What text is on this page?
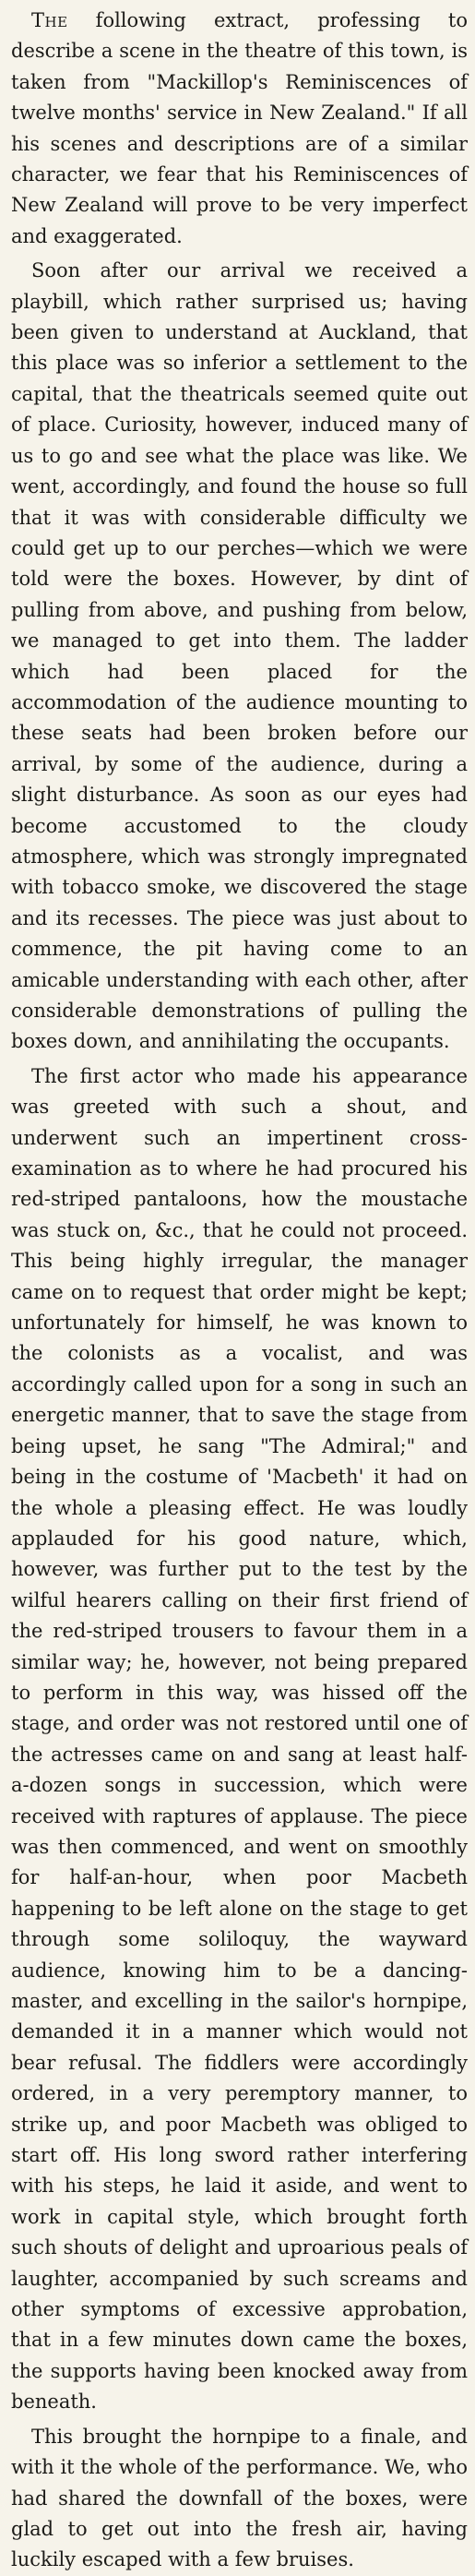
The following extract, professing to describe a scene in the theatre of this town, is taken from "Mackillop's Reminiscences of twelve months' service in New Zealand." If all his scenes and descriptions are of a similar character, we fear that his Reminiscences of New Zealand will prove to be very imperfect and exaggerated.

Soon after our arrival we received a playbill, which rather surprised us; having been given to understand at Auckland, that this place was so inferior a settlement to the capital, that the theatricals seemed quite out of place. Curiosity, however, induced many of us to go and see what the place was like. We went, accordingly, and found the house so full that it was with considerable difficulty we could get up to our perches—which we were told were the boxes. However, by dint of pulling from above, and pushing from below, we managed to get into them. The ladder which had been placed for the accommodation of the audience mounting to these seats had been broken before our arrival, by some of the audience, during a slight disturbance. As soon as our eyes had become accustomed to the cloudy atmosphere, which was strongly impregnated with tobacco smoke, we discovered the stage and its recesses. The piece was just about to commence, the pit having come to an amicable understanding with each other, after considerable demonstrations of pulling the boxes down, and annihilating the occupants.

The first actor who made his appearance was greeted with such a shout, and underwent such an impertinent cross-examination as to where he had procured his red-striped pantaloons, how the moustache was stuck on, &c., that he could not proceed. This being highly irregular, the manager came on to request that order might be kept; unfortunately for himself, he was known to the colonists as a vocalist, and was accordingly called upon for a song in such an energetic manner, that to save the stage from being upset, he sang "The Admiral;" and being in the costume of 'Macbeth' it had on the whole a pleasing effect. He was loudly applauded for his good nature, which, however, was further put to the test by the wilful hearers calling on their first friend of the red-striped trousers to favour them in a similar way; he, however, not being prepared to perform in this way, was hissed off the stage, and order was not restored until one of the actresses came on and sang at least half-a-dozen songs in succession, which were received with raptures of applause. The piece was then commenced, and went on smoothly for half-an-hour, when poor Macbeth happening to be left alone on the stage to get through some soliloquy, the wayward audience, knowing him to be a dancing-master, and excelling in the sailor's hornpipe, demanded it in a manner which would not bear refusal. The fiddlers were accordingly ordered, in a very peremptory manner, to strike up, and poor Macbeth was obliged to start off. His long sword rather interfering with his steps, he laid it aside, and went to work in capital style, which brought forth such shouts of delight and uproarious peals of laughter, accompanied by such screams and other symptoms of excessive approbation, that in a few minutes down came the boxes, the supports having been knocked away from beneath.

This brought the hornpipe to a finale, and with it the whole of the performance. We, who had shared the downfall of the boxes, were glad to get out into the fresh air, having luckily escaped with a few bruises.
